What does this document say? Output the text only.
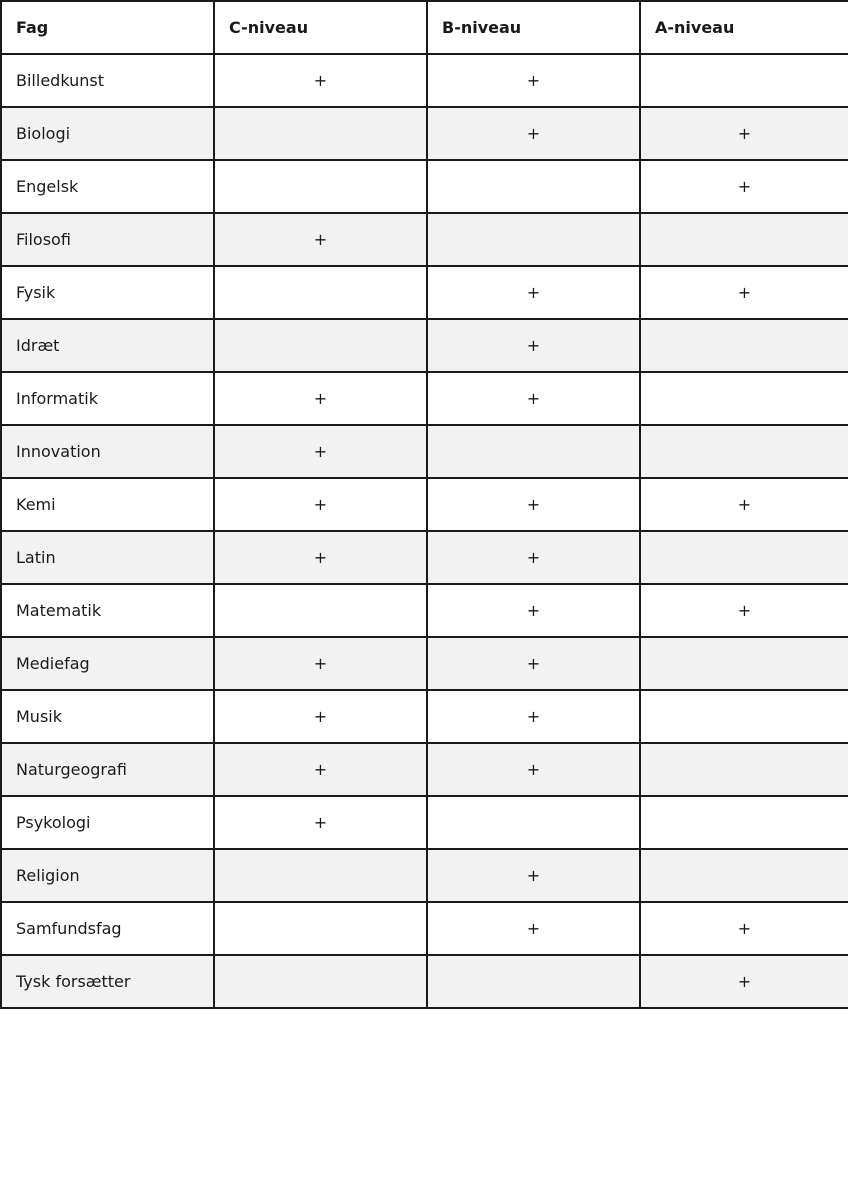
Fag	C-niveau	B-niveau	A-niveau
Billedkunst	+	+	
Biologi		+	+
Engelsk			+
Filosofi	+		
Fysik		+	+
Idræt		+	
Informatik	+	+	
Innovation	+		
Kemi	+	+	+
Latin	+	+	
Matematik		+	+
Mediefag	+	+	
Musik	+	+	
Naturgeografi	+	+	
Psykologi	+		
Religion		+	
Samfundsfag		+	+
Tysk forsætter			+
